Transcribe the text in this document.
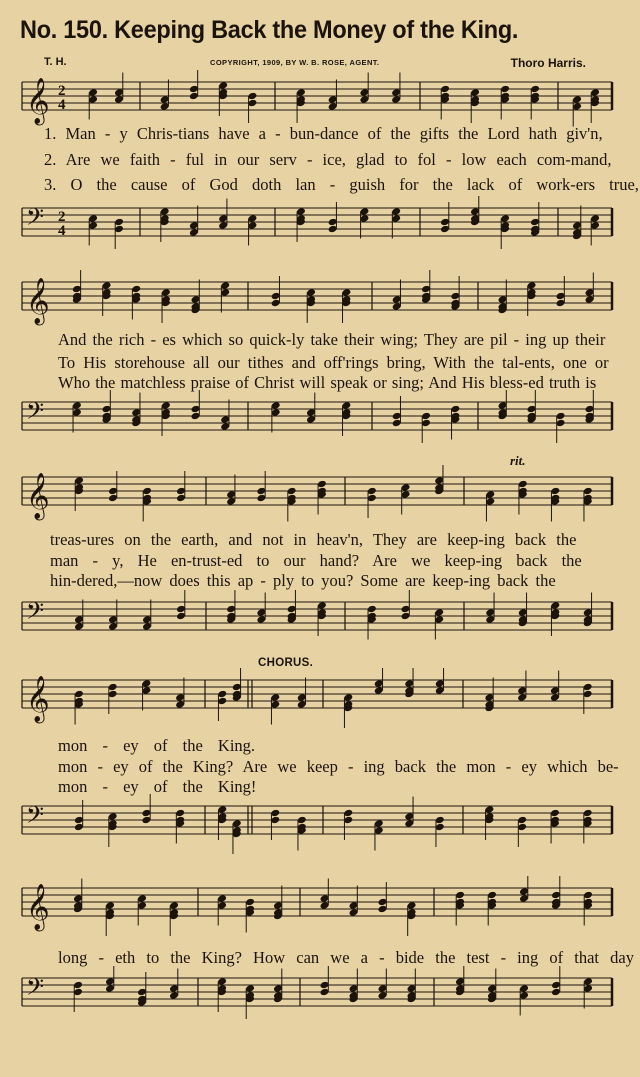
No. 150. Keeping Back the Money of the King.
T. H.	COPYRIGHT, 1909, BY W. B. ROSE, AGENT.	Thoro Harris.
𝄞 2
4
1. Man - y Chris-tians have a - bun-dance of the gifts the Lord hath giv'n,
2. Are we faith - ful in our serv - ice, glad to fol - low each com-mand,
3. O the cause of God doth lan - guish for the lack of work-ers true,
𝄢 2
4
𝄞
And the rich - es which so quick-ly take their wing; They are pil - ing up their
To His storehouse all our tithes and off'rings bring, With the tal-ents, one or
Who the matchless praise of Christ will speak or sing; And His bless-ed truth is
𝄢
rit.
𝄞
treas-ures on the earth, and not in heav'n, They are keep-ing back the
man - y, He en-trust-ed to our hand? Are we keep-ing back the
hin-dered,—now does this ap - ply to you? Some are keep-ing back the
𝄢
CHORUS.
𝄞
mon - ey of the King.
mon - ey of the King? Are we keep - ing back the mon - ey which be-
mon - ey of the King!
𝄢
𝄞
long - eth to the King? How can we a - bide the test - ing of that day
𝄢
